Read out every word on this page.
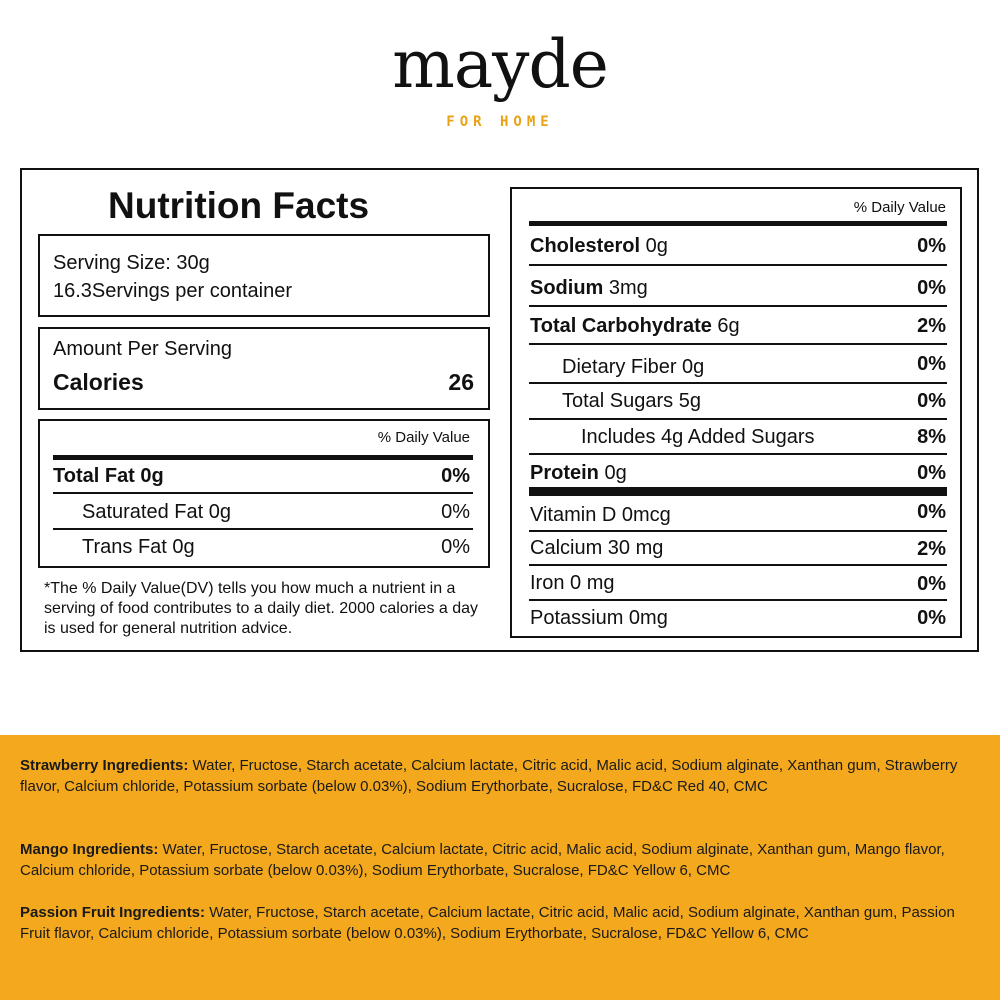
mayde
FOR HOME
Nutrition Facts
Serving Size: 30g
16.3Servings per container
Amount Per Serving
Calories	26
% Daily Value
Total Fat 0g	0%
Saturated Fat 0g	0%
Trans Fat 0g	0%
*The % Daily Value(DV) tells you how much a nutrient in a serving of food contributes to a daily diet. 2000 calories a day is used for general nutrition advice.
% Daily Value
Cholesterol 0g	0%
Sodium 3mg	0%
Total Carbohydrate 6g	2%
Dietary Fiber 0g	0%
Total Sugars 5g	0%
Includes 4g Added Sugars	8%
Protein 0g	0%
Vitamin D 0mcg	0%
Calcium 30 mg	2%
Iron 0 mg	0%
Potassium 0mg	0%
Strawberry Ingredients: Water, Fructose, Starch acetate, Calcium lactate, Citric acid, Malic acid, Sodium alginate, Xanthan gum, Strawberry flavor, Calcium chloride, Potassium sorbate (below 0.03%), Sodium Erythorbate, Sucralose, FD&C Red 40, CMC
Mango Ingredients: Water, Fructose, Starch acetate, Calcium lactate, Citric acid, Malic acid, Sodium alginate, Xanthan gum, Mango flavor, Calcium chloride, Potassium sorbate (below 0.03%), Sodium Erythorbate, Sucralose, FD&C Yellow 6, CMC
Passion Fruit Ingredients: Water, Fructose, Starch acetate, Calcium lactate, Citric acid, Malic acid, Sodium alginate, Xanthan gum, Passion Fruit flavor, Calcium chloride, Potassium sorbate (below 0.03%), Sodium Erythorbate, Sucralose, FD&C Yellow 6, CMC
